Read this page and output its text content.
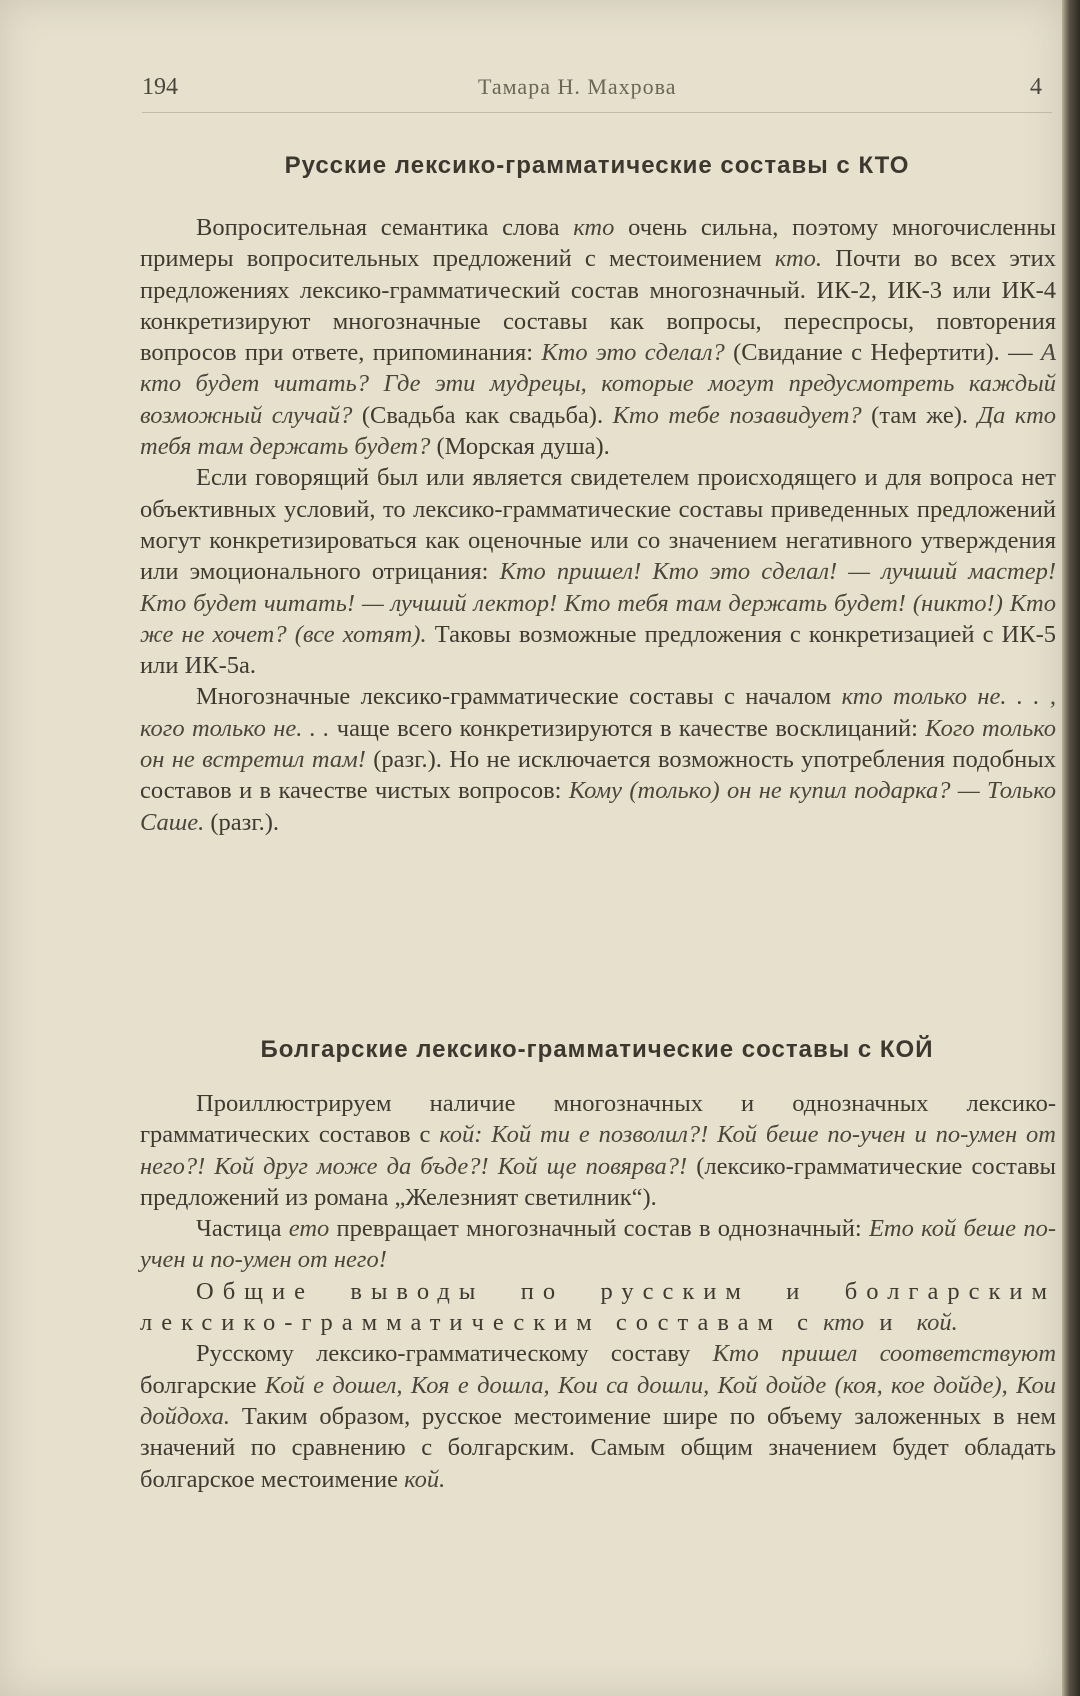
194	Тамара Н. Махрова	4
Русские лексико-грамматические составы с КТО

Вопросительная семантика слова кто очень сильна, поэтому многочисленны примеры вопросительных предложений с местоимением кто. Почти во всех этих предложениях лексико-грамматический состав многозначный. ИК-2, ИК-3 или ИК-4 конкретизируют многозначные составы как вопросы, переспросы, повторения вопросов при ответе, припоминания: Кто это сделал? (Свидание с Нефертити). — А кто будет читать? Где эти мудрецы, которые могут предусмотреть каждый возможный случай? (Свадьба как свадьба). Кто тебе позавидует? (там же). Да кто тебя там держать будет? (Морская душа).

Если говорящий был или является свидетелем происходящего и для вопроса нет объективных условий, то лексико-грамматические составы приведенных предложений могут конкретизироваться как оценочные или со значением негативного утверждения или эмоционального отрицания: Кто пришел! Кто это сделал! — лучший мастер! Кто будет читать! — лучший лектор! Кто тебя там держать будет! (никто!) Кто же не хочет? (все хотят). Таковы возможные предложения с конкретизацией с ИК-5 или ИК-5а.

Многозначные лексико-грамматические составы с началом кто только не. . . , кого только не. . . чаще всего конкретизируются в качестве восклицаний: Кого только он не встретил там! (разг.). Но не исключается возможность употребления подобных составов и в качестве чистых вопросов: Кому (только) он не купил подарка? — Только Саше. (разг.).

Болгарские лексико-грамматические составы с КОЙ

Проиллюстрируем наличие многозначных и однозначных лексико-грамматических составов с кой: Кой ти е позволил?! Кой беше по-учен и по-умен от него?! Кой друг може да бъде?! Кой ще повярва?! (лексико-грамматические составы предложений из романа „Железният светилник“).

Частица ето превращает многозначный состав в однозначный: Ето кой беше по-учен и по-умен от него!

Общие выводы по русским и болгарским лексико-грамматическим составам с кто и кой.

Русскому лексико-грамматическому составу Кто пришел соответствуют болгарские Кой е дошел, Коя е дошла, Кои са дошли, Кой дойде (коя, кое дойде), Кои дойдоха. Таким образом, русское местоимение шире по объему заложенных в нем значений по сравнению с болгарским. Самым общим значением будет обладать болгарское местоимение кой.
